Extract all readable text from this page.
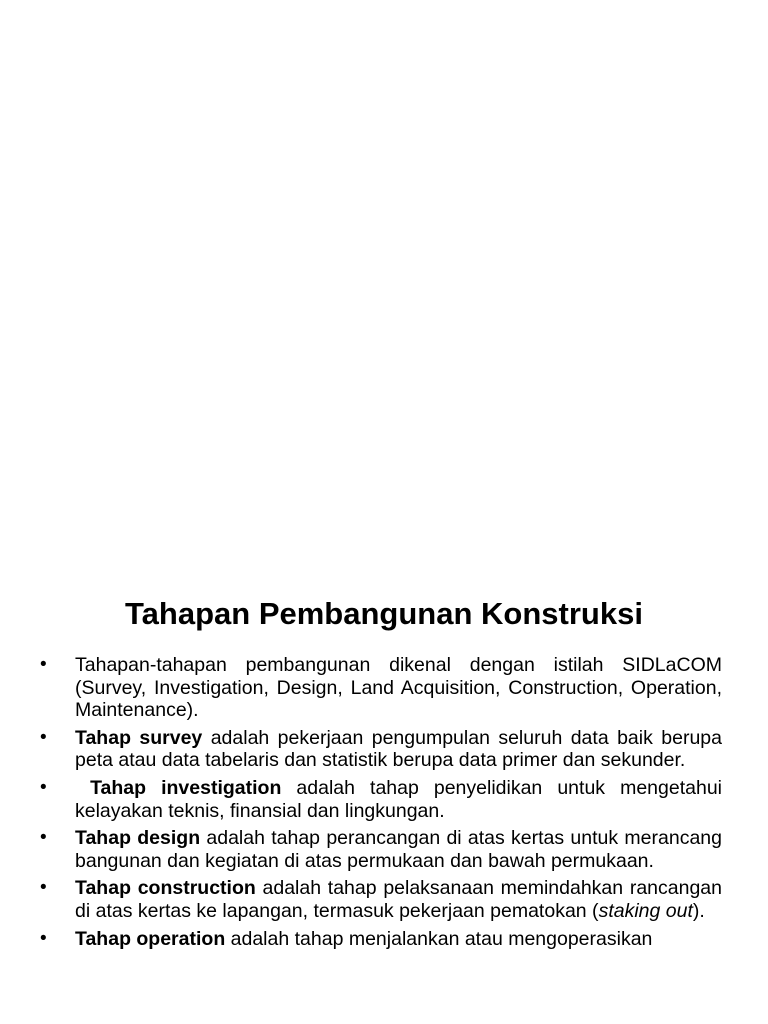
Tahapan Pembangunan Konstruksi
•	Tahapan-tahapan pembangunan dikenal dengan istilah SIDLaCOM (Survey, Investigation, Design, Land Acquisition, Construction, Operation, Maintenance).
•	Tahap survey adalah pekerjaan pengumpulan seluruh data baik berupa peta atau data tabelaris dan statistik berupa data primer dan sekunder.
•	Tahap investigation adalah tahap penyelidikan untuk mengetahui kelayakan teknis, finansial dan lingkungan.
•	Tahap design adalah tahap perancangan di atas kertas untuk merancang bangunan dan kegiatan di atas permukaan dan bawah permukaan.
•	Tahap construction adalah tahap pelaksanaan memindahkan rancangan di atas kertas ke lapangan, termasuk pekerjaan pematokan (staking out).
•	Tahap operation adalah tahap menjalankan atau mengoperasikan
